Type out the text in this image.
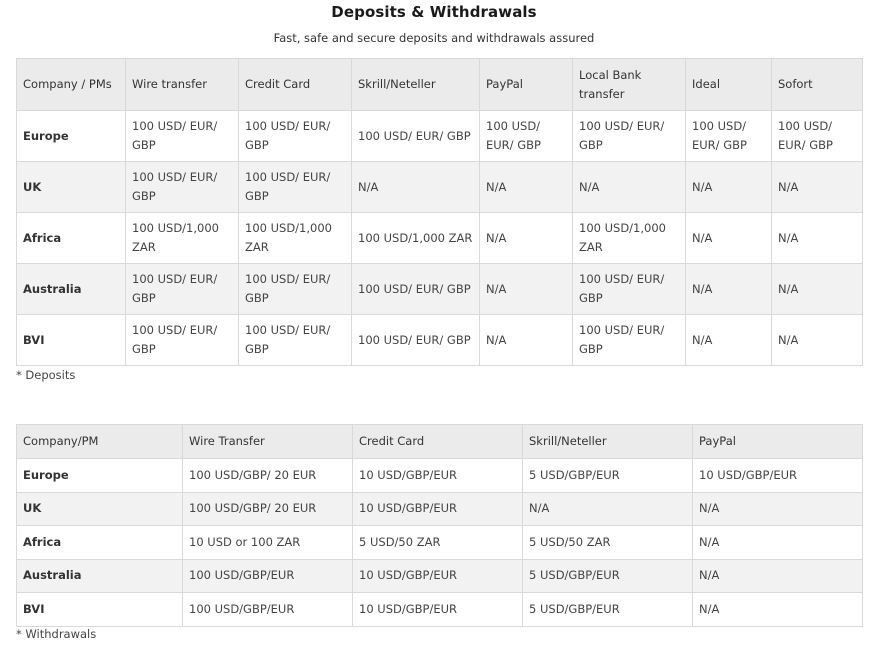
Deposits & Withdrawals
Fast, safe and secure deposits and withdrawals assured
Company / PMs	Wire transfer	Credit Card	Skrill/Neteller	PayPal	Local Bank transfer	Ideal	Sofort
Europe	100 USD/ EUR/ GBP	100 USD/ EUR/ GBP	100 USD/ EUR/ GBP	100 USD/ EUR/ GBP	100 USD/ EUR/ GBP	100 USD/ EUR/ GBP	100 USD/ EUR/ GBP
UK	100 USD/ EUR/ GBP	100 USD/ EUR/ GBP	N/A	N/A	N/A	N/A	N/A
Africa	100 USD/1,000 ZAR	100 USD/1,000 ZAR	100 USD/1,000 ZAR	N/A	100 USD/1,000 ZAR	N/A	N/A
Australia	100 USD/ EUR/ GBP	100 USD/ EUR/ GBP	100 USD/ EUR/ GBP	N/A	100 USD/ EUR/ GBP	N/A	N/A
BVI	100 USD/ EUR/ GBP	100 USD/ EUR/ GBP	100 USD/ EUR/ GBP	N/A	100 USD/ EUR/ GBP	N/A	N/A
* Deposits
Company/PM	Wire Transfer	Credit Card	Skrill/Neteller	PayPal
Europe	100 USD/GBP/ 20 EUR	10 USD/GBP/EUR	5 USD/GBP/EUR	10 USD/GBP/EUR
UK	100 USD/GBP/ 20 EUR	10 USD/GBP/EUR	N/A	N/A
Africa	10 USD or 100 ZAR	5 USD/50 ZAR	5 USD/50 ZAR	N/A
Australia	100 USD/GBP/EUR	10 USD/GBP/EUR	5 USD/GBP/EUR	N/A
BVI	100 USD/GBP/EUR	10 USD/GBP/EUR	5 USD/GBP/EUR	N/A
* Withdrawals
